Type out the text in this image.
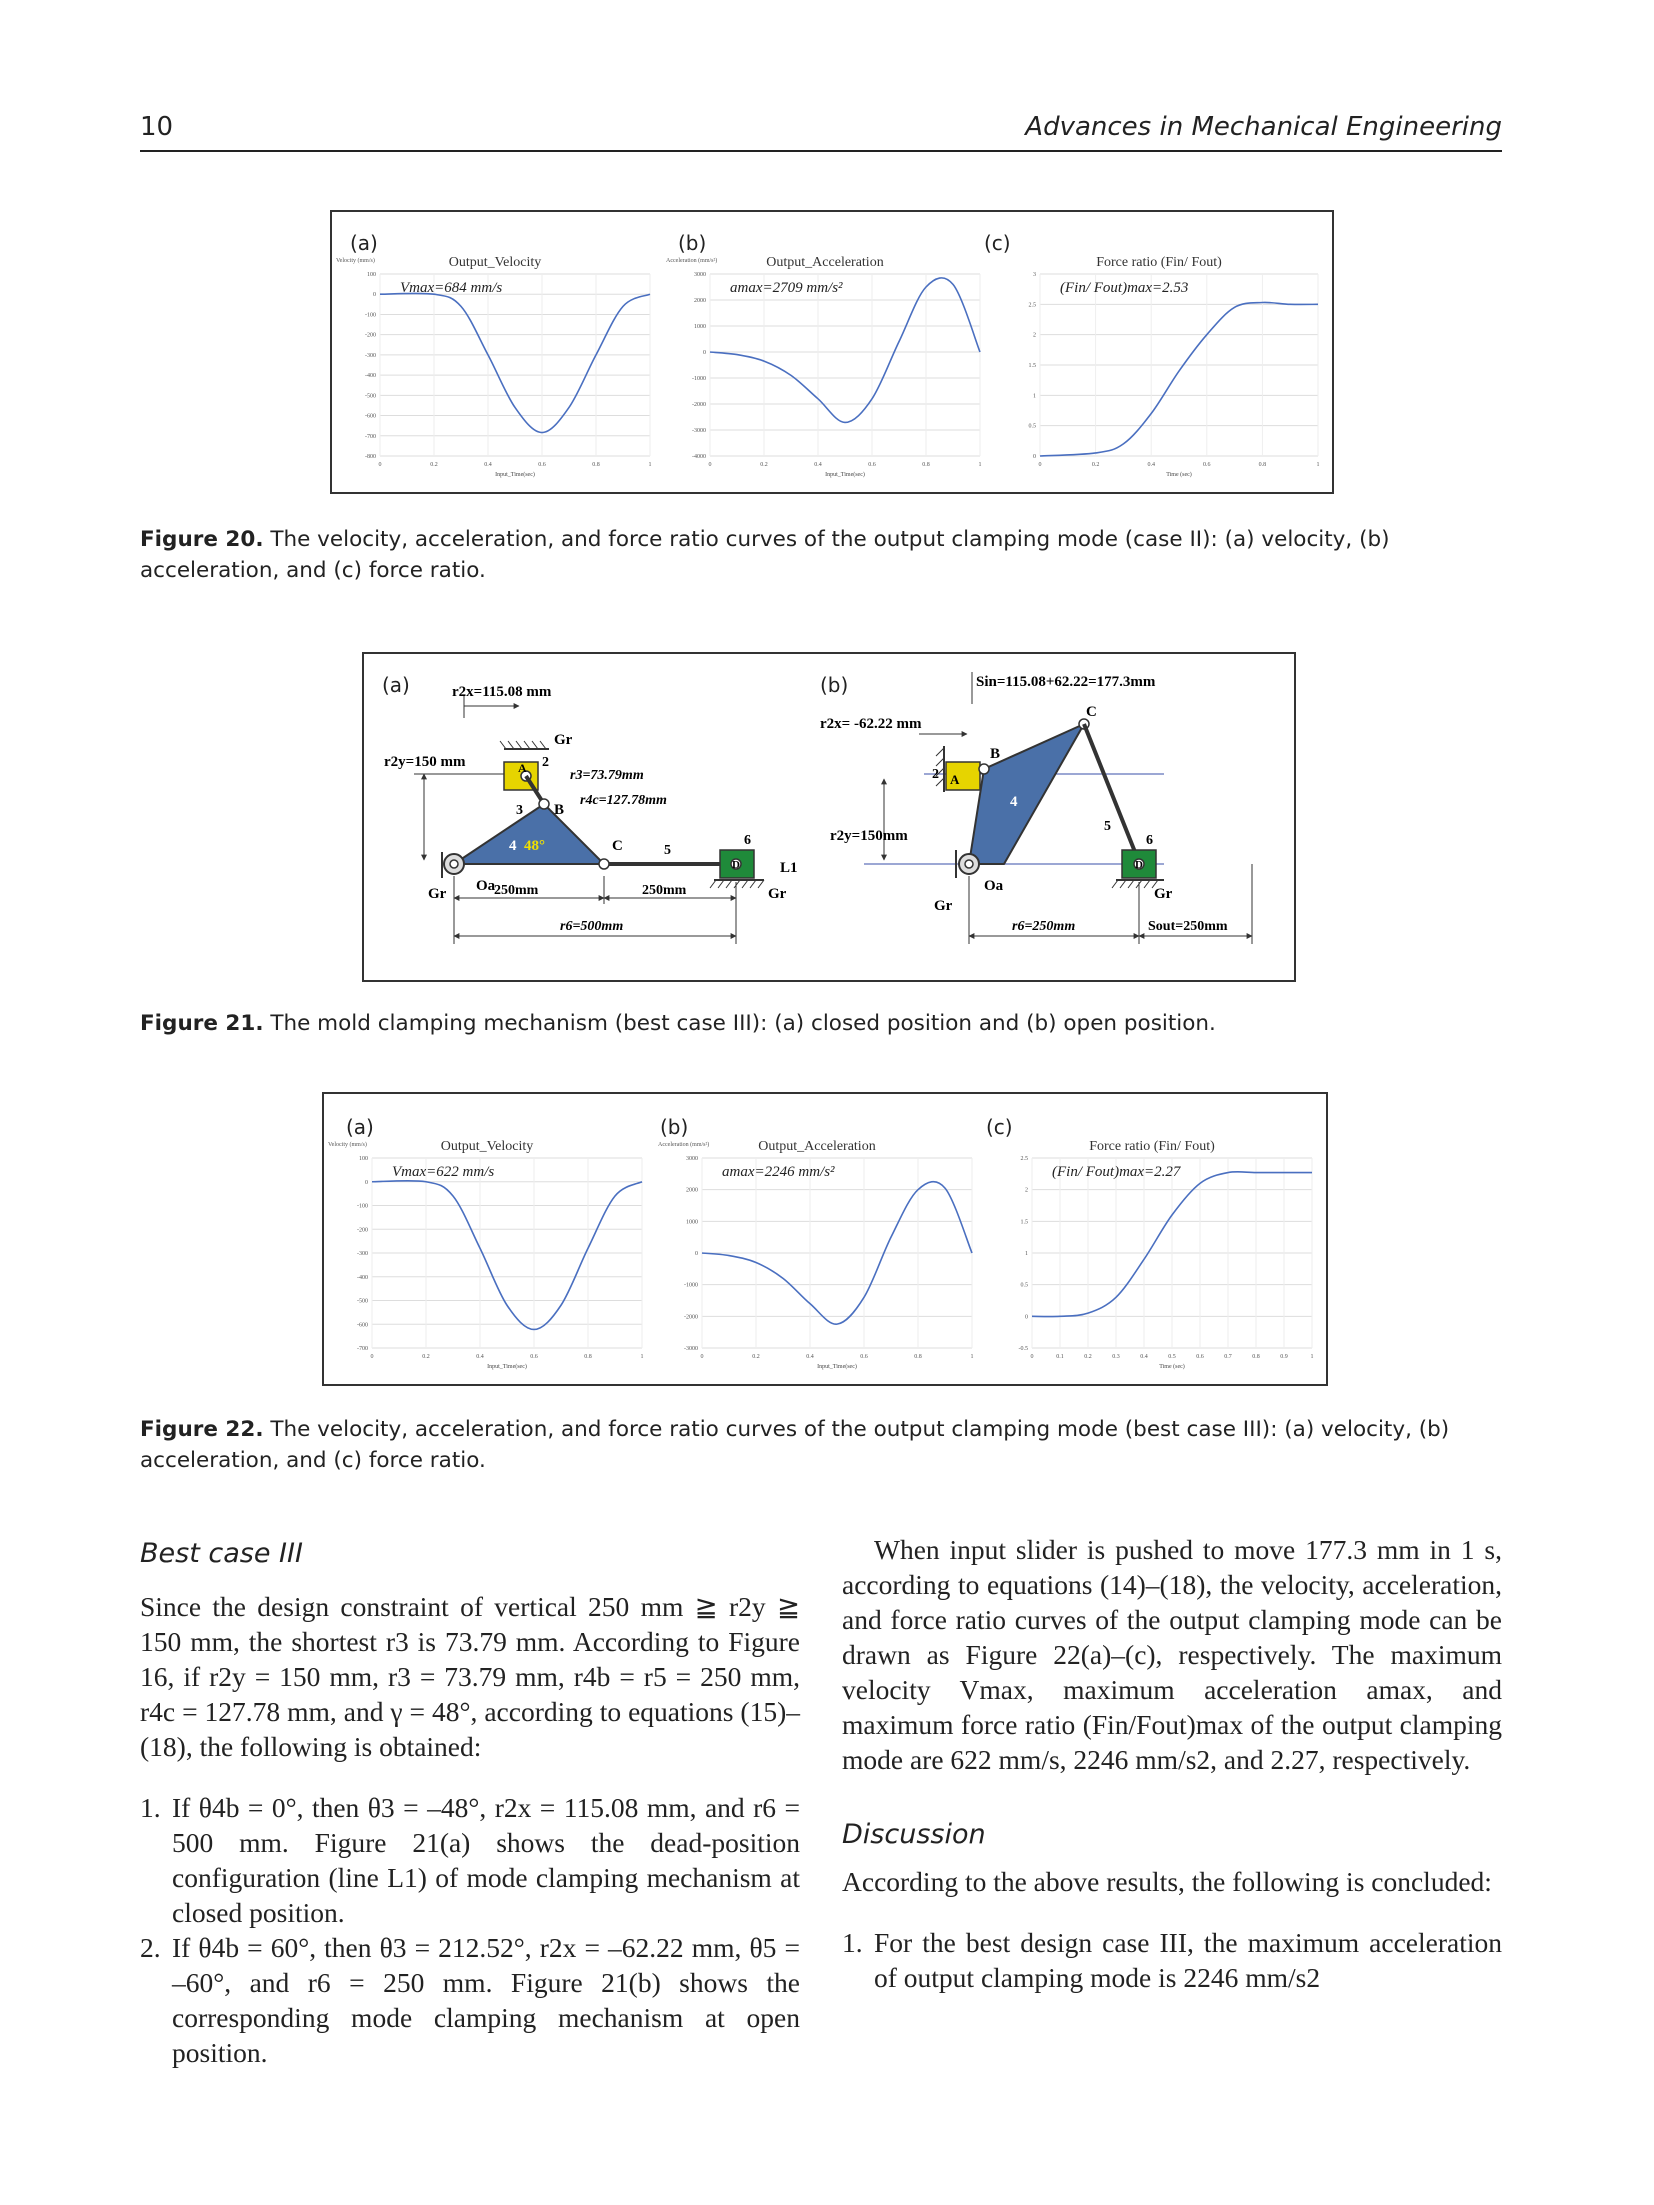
10	Advances in Mechanical Engineering
(a)	(b)	(c)
Output_Velocity
Velocity (mm/s)
100
0
-100
-200
-300
-400
-500
-600
-700
-800
0	0.2	0.4	0.6	0.8	1
Input_Time(sec)
Vmax=684 mm/s
Output_Acceleration
Acceleration (mm/s²)
3000
2000
1000
0
-1000
-2000
-3000
-4000
0	0.2	0.4	0.6	0.8	1
Input_Time(sec)
amax=2709 mm/s²
Force ratio (Fin/ Fout)
3
2.5
2
1.5
1
0.5
0
0	0.2	0.4	0.6	0.8	1
Time (sec)
(Fin/ Fout)max=2.53
Figure 20. The velocity, acceleration, and force ratio curves of the output clamping mode (case II): (a) velocity, (b) acceleration, and (c) force ratio.
(a)	r2x=115.08 mm
r2y=150 mm
Gr
A 2
3 B
r3=73.79mm
r4c=127.78mm
4 48°
Gr Oa
C	5
D
6
Gr
L1
250mm	250mm
r6=500mm
(b)	Sin=115.08+62.22=177.3mm
r2x= -62.22 mm
r2y=150mm
A
2
B
4
C
5
D
6
Gr
Gr
Oa
r6=250mm	Sout=250mm
Figure 21. The mold clamping mechanism (best case III): (a) closed position and (b) open position.
(a)	(b)	(c)
Output_Velocity
Velocity (mm/s)
100
0
-100
-200
-300
-400
-500
-600
-700
0	0.2	0.4	0.6	0.8	1
Input_Time(sec)
Vmax=622 mm/s
Output_Acceleration
Acceleration (mm/s²)
3000
2000
1000
0
-1000
-2000
-3000
0	0.2	0.4	0.6	0.8	1
Input_Time(sec)
amax=2246 mm/s²
Force ratio (Fin/ Fout)
2.5
2
1.5
1
0.5
0
-0.5
0	0.1	0.2	0.3	0.4	0.5	0.6	0.7	0.8	0.9	1
Time (sec)
(Fin/ Fout)max=2.27
Figure 22. The velocity, acceleration, and force ratio curves of the output clamping mode (best case III): (a) velocity, (b) acceleration, and (c) force ratio.
Best case III

Since the design constraint of vertical 250 mm ≧ r2y ≧ 150 mm, the shortest r3 is 73.79 mm. According to Figure 16, if r2y = 150 mm, r3 = 73.79 mm, r4b = r5 = 250 mm, r4c = 127.78 mm, and γ = 48°, according to equations (15)–(18), the following is obtained:

1. If θ4b = 0°, then θ3 = –48°, r2x = 115.08 mm, and r6 = 500 mm. Figure 21(a) shows the dead-position configuration (line L1) of mode clamping mechanism at closed position.
2. If θ4b = 60°, then θ3 = 212.52°, r2x = –62.22 mm, θ5 = –60°, and r6 = 250 mm. Figure 21(b) shows the corresponding mode clamping mechanism at open position.

When input slider is pushed to move 177.3 mm in 1 s, according to equations (14)–(18), the velocity, acceleration, and force ratio curves of the output clamping mode can be drawn as Figure 22(a)–(c), respectively. The maximum velocity Vmax, maximum acceleration amax, and maximum force ratio (Fin/Fout)max of the output clamping mode are 622 mm/s, 2246 mm/s2, and 2.27, respectively.

Discussion

According to the above results, the following is concluded:

1. For the best design case III, the maximum acceleration of output clamping mode is 2246 mm/s2
